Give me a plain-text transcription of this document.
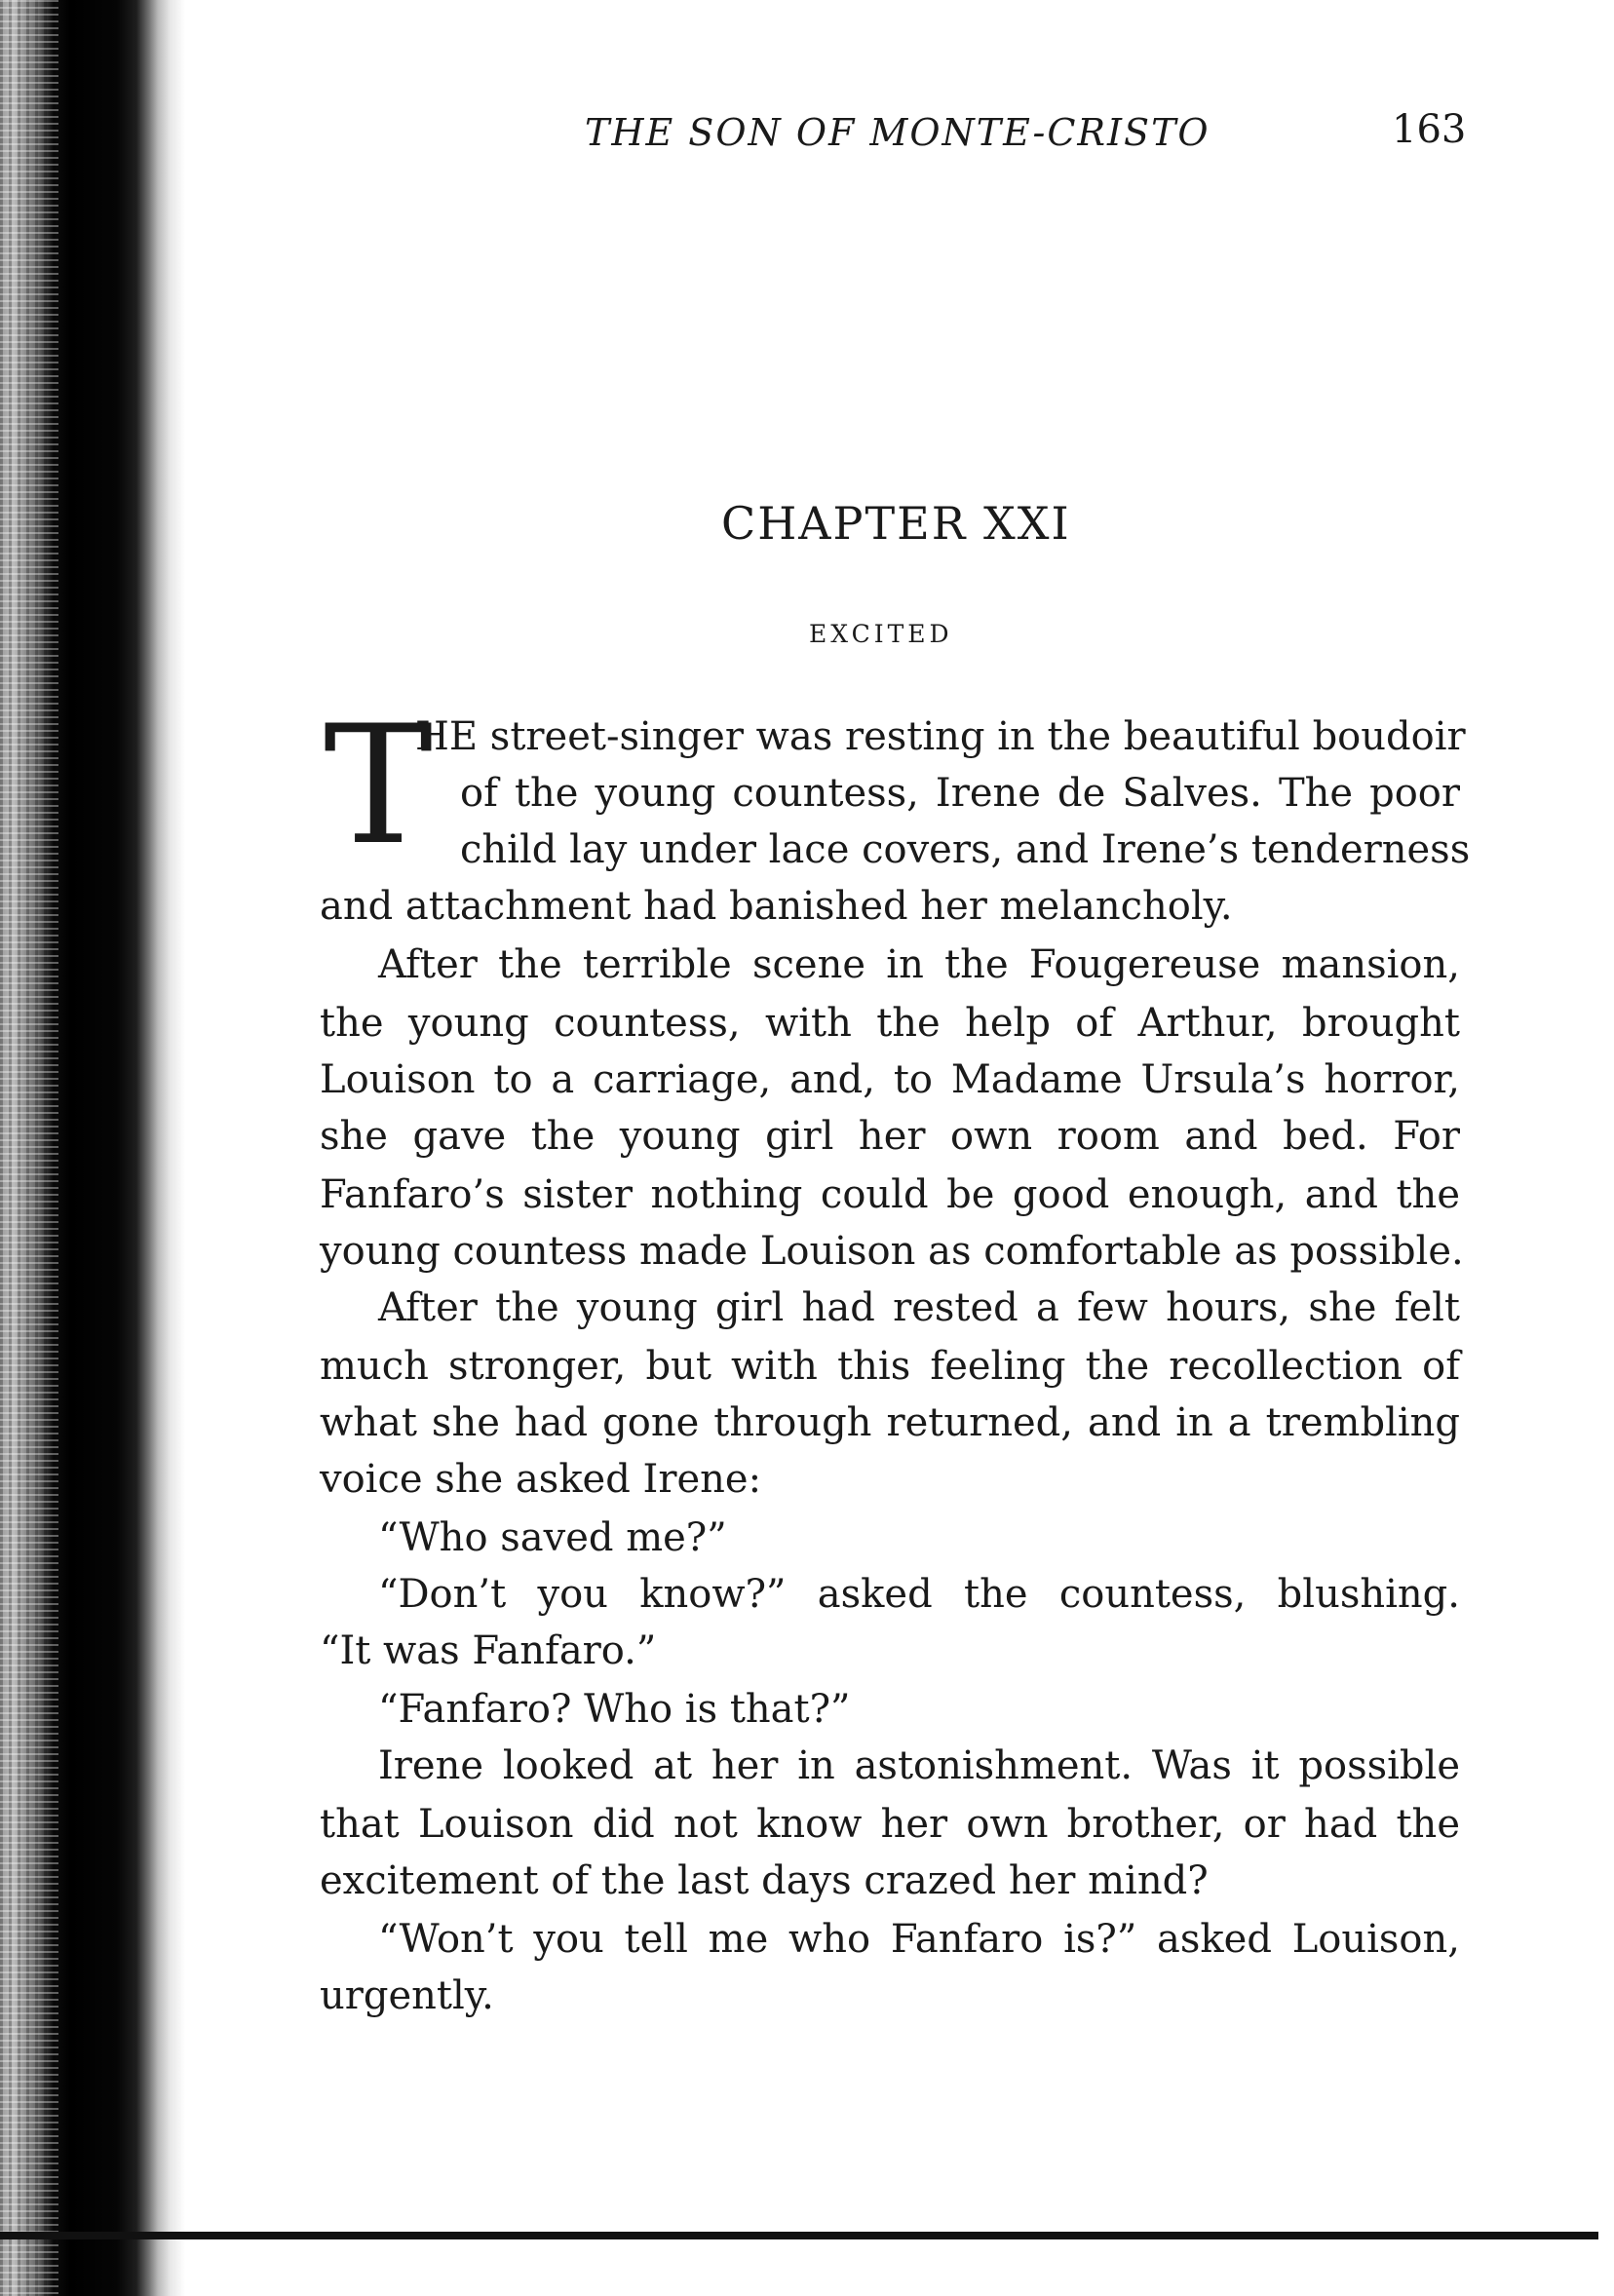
THE SON OF MONTE-CRISTO	163
CHAPTER XXI
EXCITED
T
HE street-singer was resting in the beautiful boudoir
of the young countess, Irene de Salves. The poor
child lay under lace covers, and Irene’s tenderness
and attachment had banished her melancholy.
After the terrible scene in the Fougereuse mansion,
the young countess, with the help of Arthur, brought
Louison to a carriage, and, to Madame Ursula’s horror,
she gave the young girl her own room and bed. For
Fanfaro’s sister nothing could be good enough, and the
young countess made Louison as comfortable as possible.
After the young girl had rested a few hours, she felt
much stronger, but with this feeling the recollection of
what she had gone through returned, and in a trembling
voice she asked Irene:
“Who saved me?”
“Don’t you know?” asked the countess, blushing.
“It was Fanfaro.”
“Fanfaro? Who is that?”
Irene looked at her in astonishment. Was it possible
that Louison did not know her own brother, or had the
excitement of the last days crazed her mind?
“Won’t you tell me who Fanfaro is?” asked Louison,
urgently.
